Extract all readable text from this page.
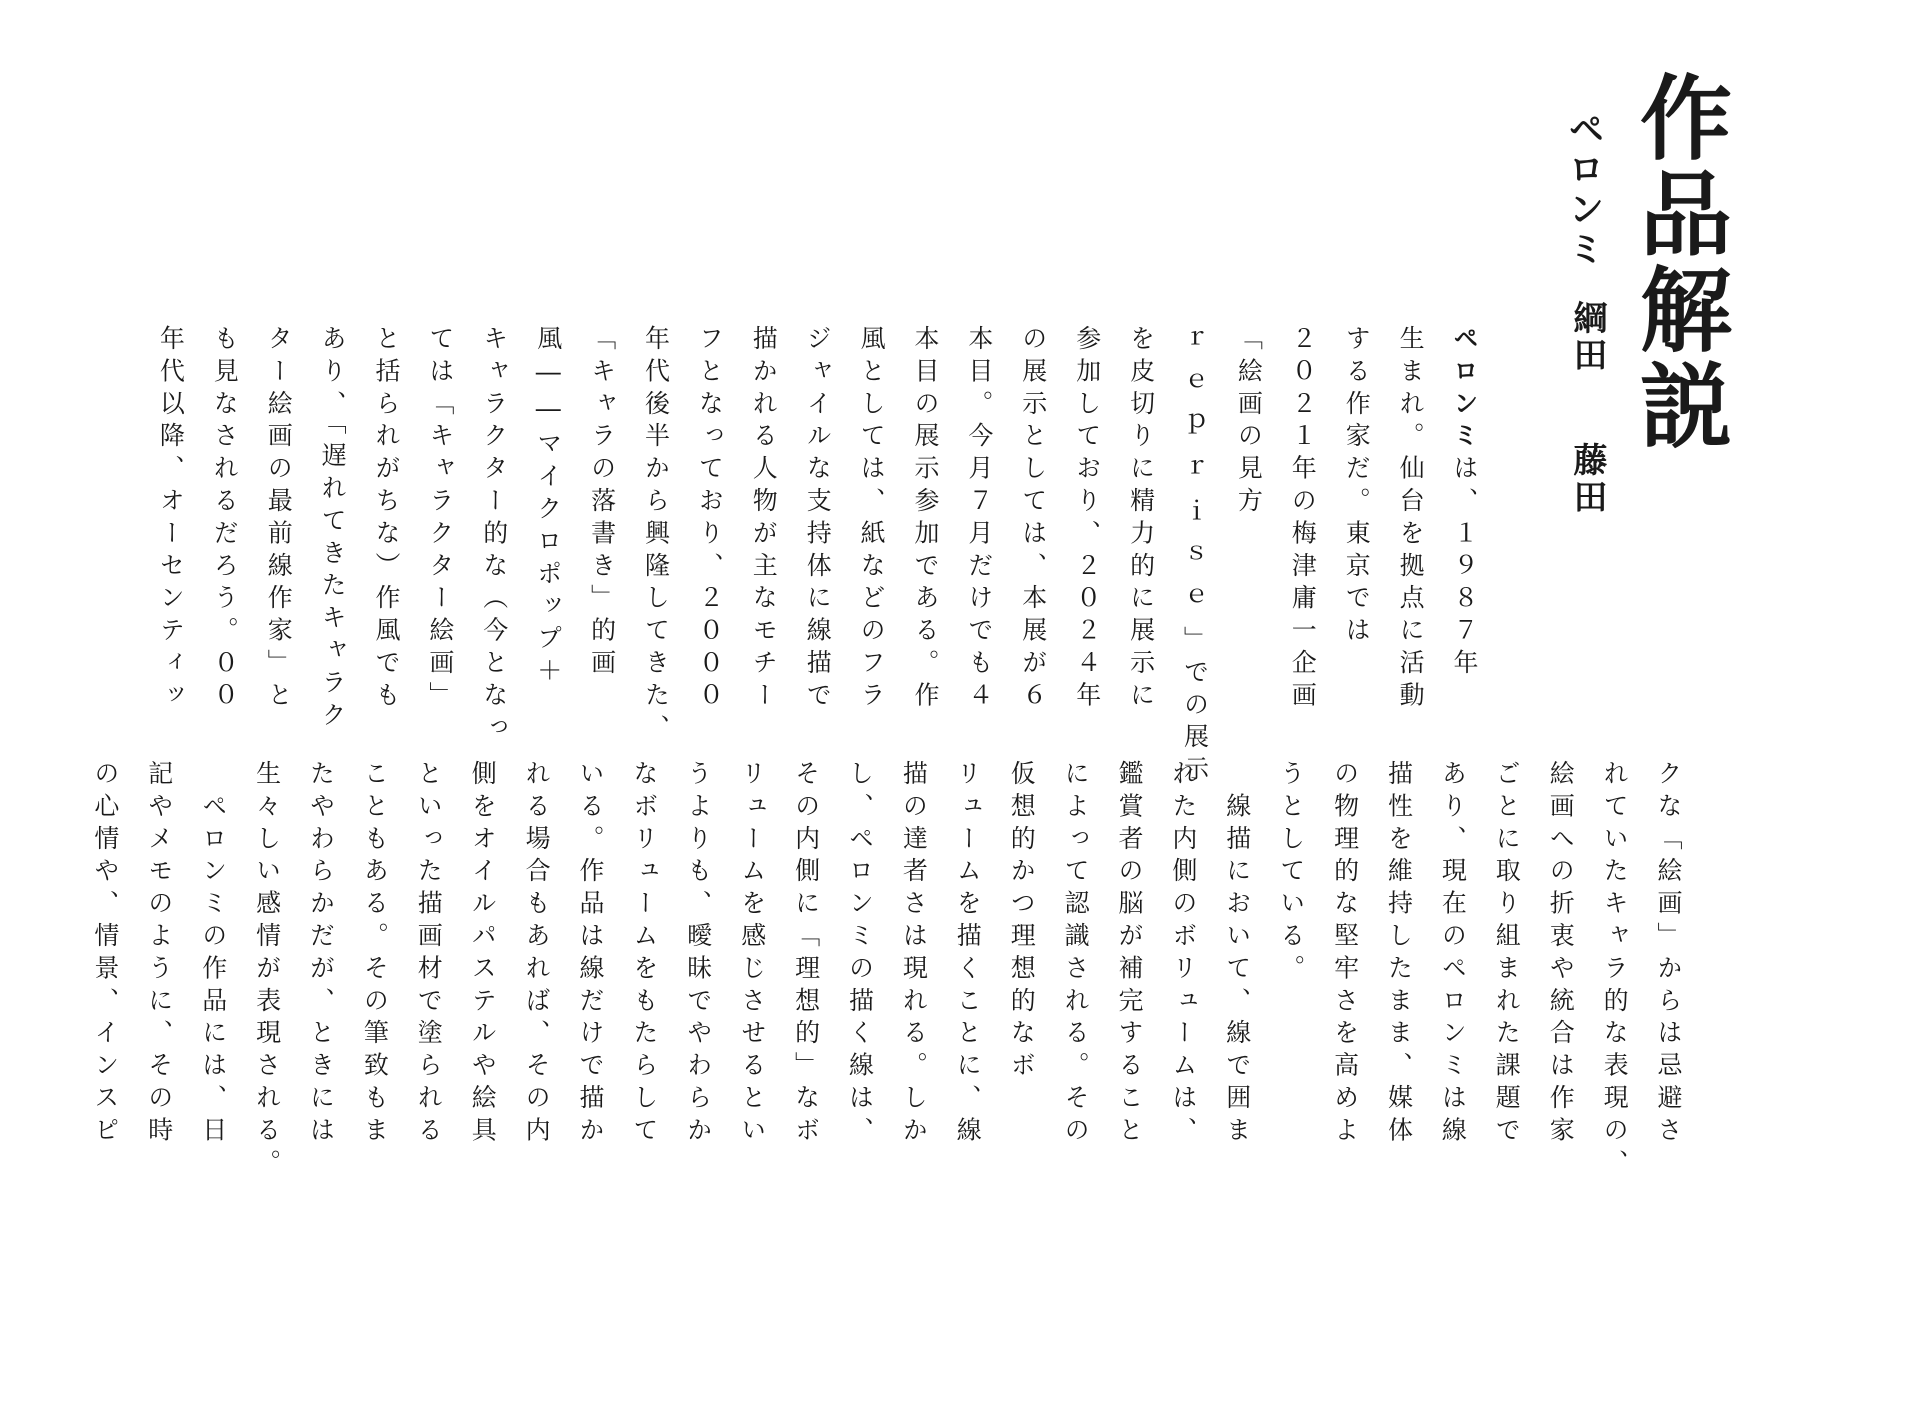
作品解説
ペロンミ
綱田藤田
ペロンミは、１９８７年
生まれ。仙台を拠点に活動
する作家だ。東京では
２０２１年の梅津庸一企画
「絵画の見方
ｒｅｐｒｉｓｅ」での展示
を皮切りに精力的に展示に
参加しており、２０２４年
の展示としては、本展が６
本目。今月７月だけでも４
本目の展示参加である。作
風としては、紙などのフラ
ジャイルな支持体に線描で
描かれる人物が主なモチー
フとなっており、２０００
年代後半から興隆してきた、
「キャラの落書き」的画
風――マイクロポップ＋
キャラクター的な（今となっ
ては「キャラクター絵画」
と括られがちな）作風でも
あり、「遅れてきたキャラク
ター絵画の最前線作家」と
も見なされるだろう。００
年代以降、オーセンティッ
クな「絵画」からは忌避さ
れていたキャラ的な表現の、
絵画への折衷や統合は作家
ごとに取り組まれた課題で
あり、現在のペロンミは線
描性を維持したまま、媒体
の物理的な堅牢さを高めよ
うとしている。
　線描において、線で囲ま
れた内側のボリュームは、
鑑賞者の脳が補完すること
によって認識される。その
仮想的かつ理想的なボ
リュームを描くことに、線
描の達者さは現れる。しか
し、ペロンミの描く線は、
その内側に「理想的」なボ
リュームを感じさせるとい
うよりも、曖昧でやわらか
なボリュームをもたらして
いる。作品は線だけで描か
れる場合もあれば、その内
側をオイルパステルや絵具
といった描画材で塗られる
こともある。その筆致もま
たやわらかだが、ときには
生々しい感情が表現される。
　ペロンミの作品には、日
記やメモのように、その時
の心情や、情景、インスピ
